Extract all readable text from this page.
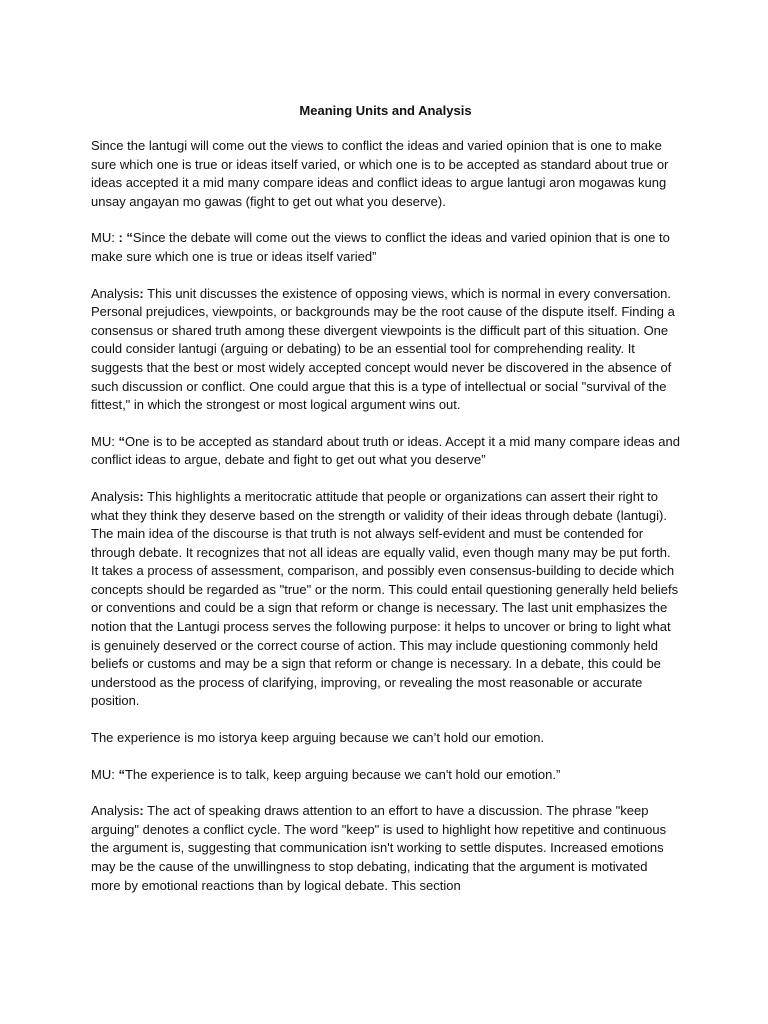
Meaning Units and Analysis

Since the lantugi will come out the views to conflict the ideas and varied opinion that is one to make sure which one is true or ideas itself varied, or which one is to be accepted as standard about true or ideas accepted it a mid many compare ideas and conflict ideas to argue lantugi aron mogawas kung unsay angayan mo gawas (fight to get out what you deserve).

MU: : “Since the debate will come out the views to conflict the ideas and varied opinion that is one to make sure which one is true or ideas itself varied”

Analysis: This unit discusses the existence of opposing views, which is normal in every conversation. Personal prejudices, viewpoints, or backgrounds may be the root cause of the dispute itself. Finding a consensus or shared truth among these divergent viewpoints is the difficult part of this situation. One could consider lantugi (arguing or debating) to be an essential tool for comprehending reality. It suggests that the best or most widely accepted concept would never be discovered in the absence of such discussion or conflict. One could argue that this is a type of intellectual or social "survival of the fittest," in which the strongest or most logical argument wins out.

MU: “One is to be accepted as standard about truth or ideas. Accept it a mid many compare ideas and conflict ideas to argue, debate and fight to get out what you deserve”

Analysis: This highlights a meritocratic attitude that people or organizations can assert their right to what they think they deserve based on the strength or validity of their ideas through debate (lantugi). The main idea of the discourse is that truth is not always self-evident and must be contended for through debate. It recognizes that not all ideas are equally valid, even though many may be put forth. It takes a process of assessment, comparison, and possibly even consensus-building to decide which concepts should be regarded as "true" or the norm. This could entail questioning generally held beliefs or conventions and could be a sign that reform or change is necessary. The last unit emphasizes the notion that the Lantugi process serves the following purpose: it helps to uncover or bring to light what is genuinely deserved or the correct course of action. This may include questioning commonly held beliefs or customs and may be a sign that reform or change is necessary. In a debate, this could be understood as the process of clarifying, improving, or revealing the most reasonable or accurate position.

The experience is mo istorya keep arguing because we can’t hold our emotion.

MU: “The experience is to talk, keep arguing because we can't hold our emotion.”

Analysis: The act of speaking draws attention to an effort to have a discussion. The phrase "keep arguing" denotes a conflict cycle. The word "keep" is used to highlight how repetitive and continuous the argument is, suggesting that communication isn't working to settle disputes. Increased emotions may be the cause of the unwillingness to stop debating, indicating that the argument is motivated more by emotional reactions than by logical debate. This section
